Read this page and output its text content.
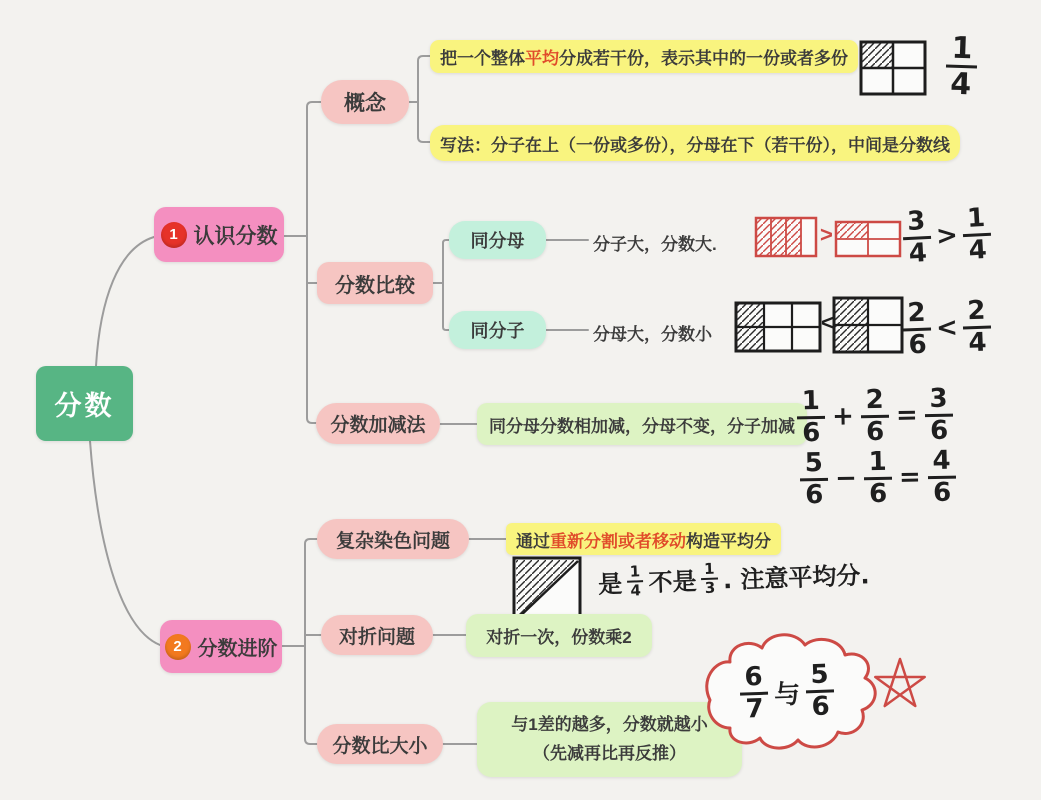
分数
1 认识分数
概念
把一个整体 平均 分成若干份，表示其中的一份或者多份
写法：分子在上（一份或多份），分母在下（若干份），中间是分数线
分数比较
同分母	分子大，分数大.
同分子	分母大，分数小
分数加减法	同分母分数相加减，分母不变，分子加减
2 分数进阶
复杂染色问题	通过 重新分割或者移动 构造平均分
对折问题	对折一次，份数乘2
分数比大小
与1差的越多，分数就越小
（先减再比再反推）
>
<
$\frac{1}{4}$
$\frac{3}{4} > \frac{1}{4}$
$\frac{2}{6} < \frac{2}{4}$
$\frac{1}{6} + \frac{2}{6} = \frac{3}{6}$
$\frac{5}{6} - \frac{1}{6} = \frac{4}{6}$
是 $\frac{1}{4}$ 不是 $\frac{1}{3}$ . 注意平均分.
$\frac{6}{7}$ 与 $\frac{5}{6}$
